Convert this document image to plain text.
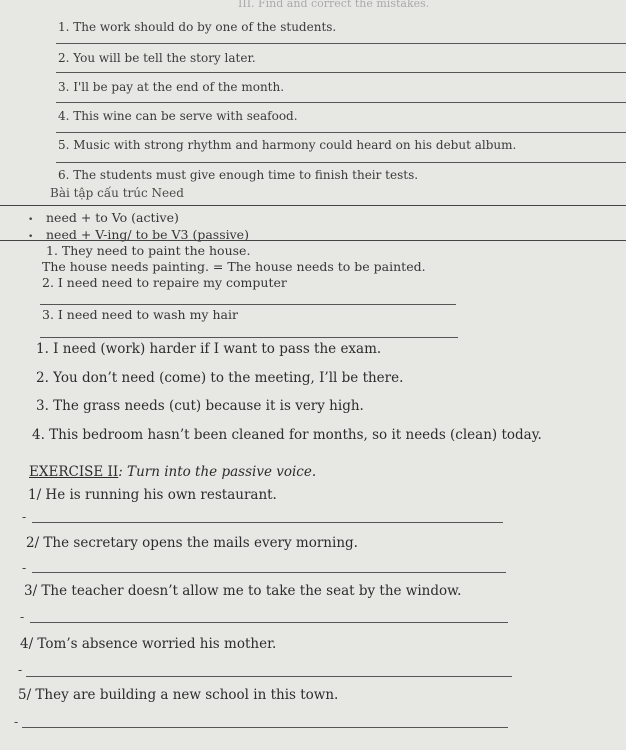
III. Find and correct the mistakes.
1. The work should do by one of the students.
2. You will be tell the story later.
3. I'll be pay at the end of the month.
4. This wine can be serve with seafood.
5. Music with strong rhythm and harmony could heard on his debut album.
6. The students must give enough time to finish their tests.
Bài tập cấu trúc Need
• need + to Vo (active)
• need + V-ing/ to be V3 (passive)
1. They need to paint the house.
The house needs painting. = The house needs to be painted.
2. I need need to repaire my computer
3. I need need to wash my hair
1. I need (work) harder if I want to pass the exam.
2. You don’t need (come) to the meeting, I’ll be there.
3. The grass needs (cut) because it is very high.
4. This bedroom hasn’t been cleaned for months, so it needs (clean) today.
EXERCISE II: Turn into the passive voice.
1/ He is running his own restaurant.
-
2/ The secretary opens the mails every morning.
-
3/ The teacher doesn’t allow me to take the seat by the window.
-
4/ Tom’s absence worried his mother.
-
5/ They are building a new school in this town.
-
